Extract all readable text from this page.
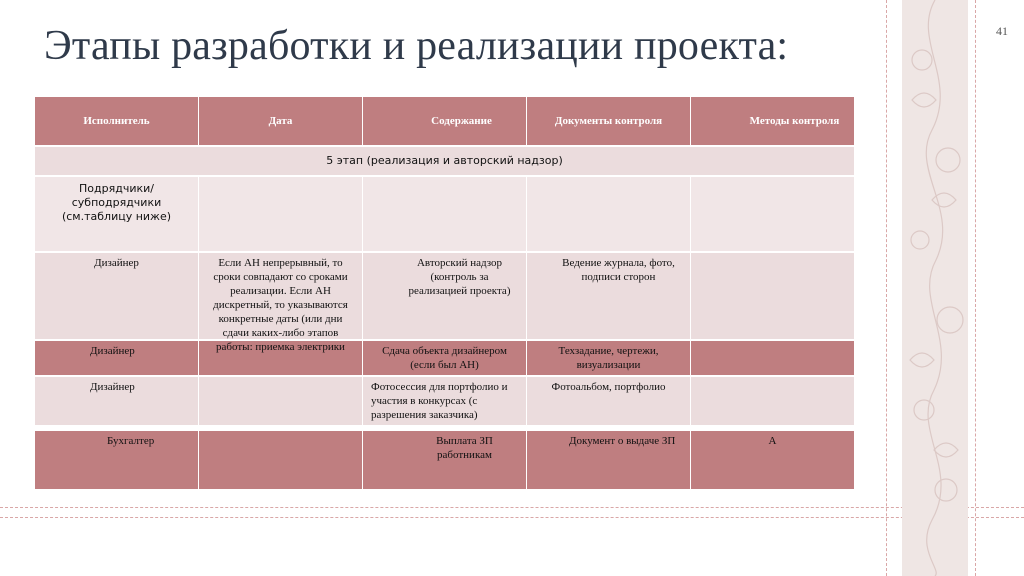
41
Этапы разработки и реализации проекта:
Исполнитель	Дата	Содержание	Документы контроля	Методы контроля

5 этап (реализация и авторский надзор)				

Подрядчики/ субподрядчики (см.таблицу ниже)				

Дизайнер	Если АН непрерывный, то сроки совпадают со сроками реализации. Если АН дискретный, то указываются конкретные даты (или дни сдачи каких-либо этапов работы: приемка электрики	Авторский надзор (контроль за реализацией проекта)	Ведение журнала, фото, подписи сторон	

Дизайнер		Сдача объекта дизайнером (если был АН)	Техзадание, чертежи, визуализации	

Дизайнер		Фотосессия для портфолио и участия в конкурсах (с разрешения заказчика)	Фотоальбом, портфолио	

Бухгалтер		Выплата ЗП работникам	Документ о выдаче ЗП	А
